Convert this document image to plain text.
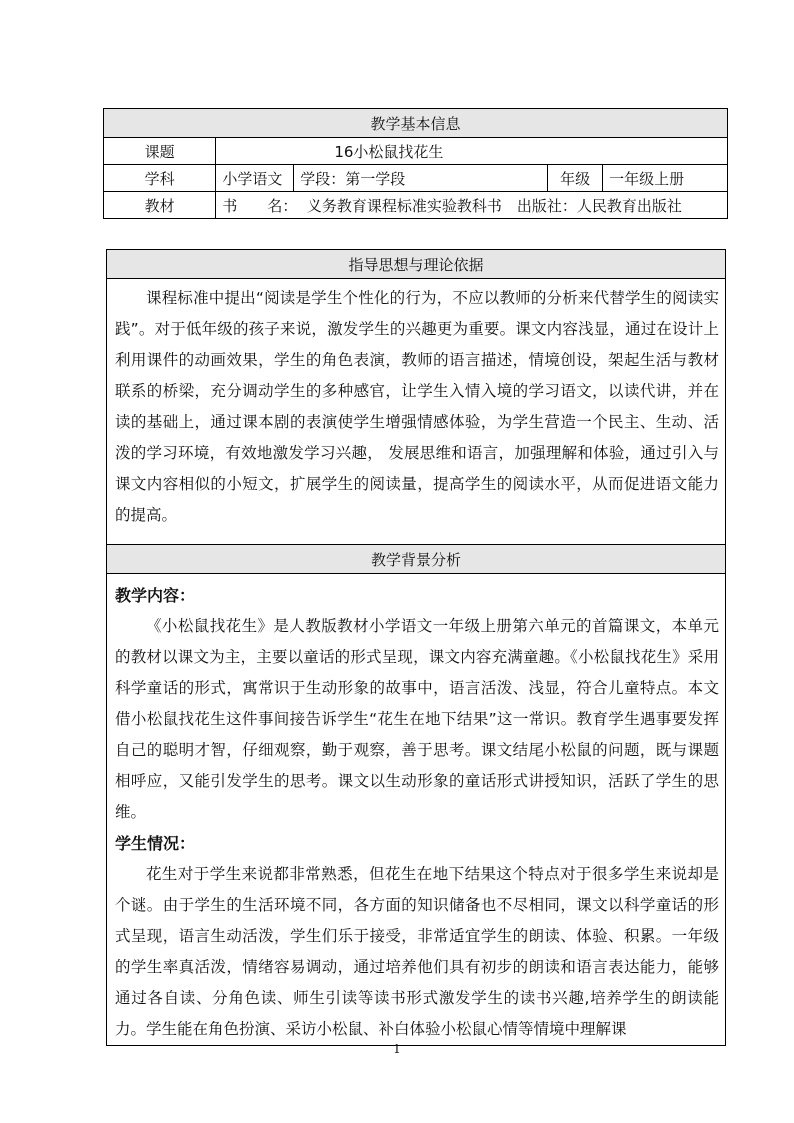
教学基本信息				
课题	16小松鼠找花生			
学科	小学语文	学段：第一学段	年级	一年级上册
教材	书　　名：  义务教育课程标准实验教科书　出版社：人民教育出版社			
指导思想与理论依据

课程标准中提出“阅读是学生个性化的行为，不应以教师的分析来代替学生的阅读实践”。对于低年级的孩子来说，激发学生的兴趣更为重要。课文内容浅显，通过在设计上利用课件的动画效果，学生的角色表演，教师的语言描述，情境创设，架起生活与教材联系的桥梁，充分调动学生的多种感官，让学生入情入境的学习语文，以读代讲，并在读的基础上，通过课本剧的表演使学生增强情感体验，为学生营造一个民主、生动、活泼的学习环境，有效地激发学习兴趣， 发展思维和语言，加强理解和体验，通过引入与课文内容相似的小短文，扩展学生的阅读量，提高学生的阅读水平，从而促进语文能力的提高。

教学背景分析

教学内容：

《小松鼠找花生》是人教版教材小学语文一年级上册第六单元的首篇课文，本单元的教材以课文为主，主要以童话的形式呈现，课文内容充满童趣。《小松鼠找花生》采用科学童话的形式，寓常识于生动形象的故事中，语言活泼、浅显，符合儿童特点。本文借小松鼠找花生这件事间接告诉学生“花生在地下结果”这一常识。教育学生遇事要发挥自己的聪明才智，仔细观察，勤于观察，善于思考。课文结尾小松鼠的问题，既与课题相呼应，又能引发学生的思考。课文以生动形象的童话形式讲授知识，活跃了学生的思维。

学生情况：

花生对于学生来说都非常熟悉，但花生在地下结果这个特点对于很多学生来说却是个谜。由于学生的生活环境不同，各方面的知识储备也不尽相同，课文以科学童话的形式呈现，语言生动活泼，学生们乐于接受，非常适宜学生的朗读、体验、积累。一年级的学生率真活泼，情绪容易调动，通过培养他们具有初步的朗读和语言表达能力，能够通过各自读、分角色读、师生引读等读书形式激发学生的读书兴趣,培养学生的朗读能力。学生能在角色扮演、采访小松鼠、补白体验小松鼠心情等情境中理解课

1
